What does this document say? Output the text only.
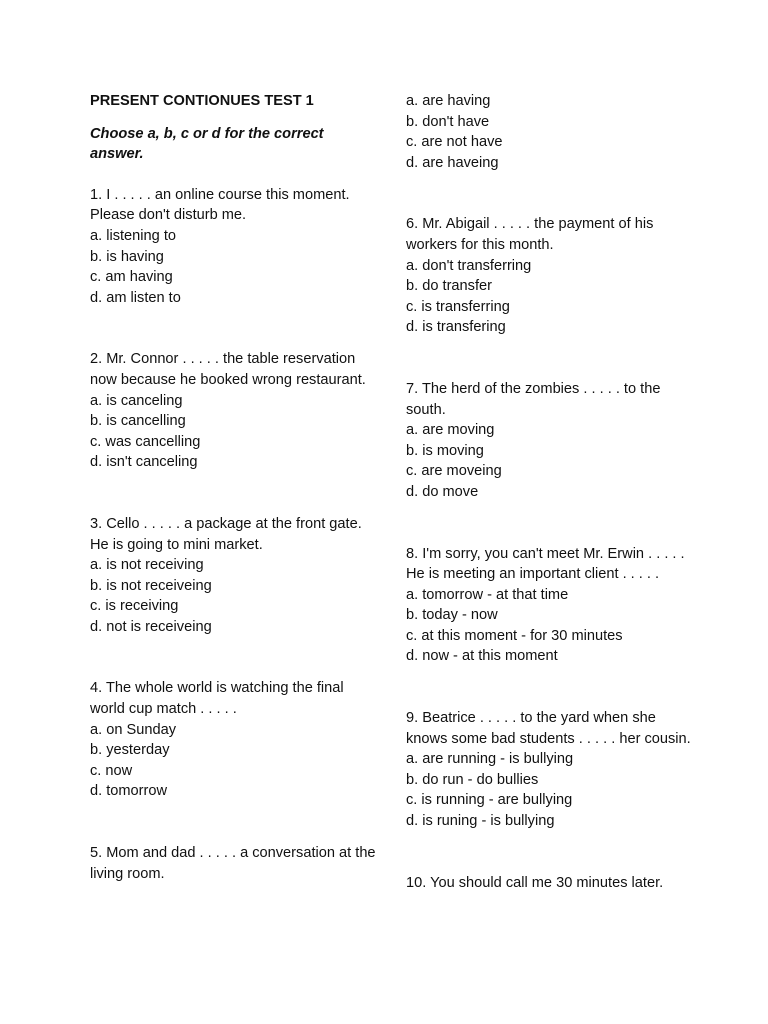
PRESENT CONTIONUES TEST 1

Choose a, b, c or d for the correct answer.

1. I . . . . . an online course this moment. Please don't disturb me.
a. listening to
b. is having
c. am having
d. am listen to
2. Mr. Connor . . . . . the table reservation now because he booked wrong restaurant.
a. is canceling
b. is cancelling
c. was cancelling
d. isn't canceling
3. Cello . . . . . a package at the front gate. He is going to mini market.
a. is not receiving
b. is not receiveing
c. is receiving
d. not is receiveing
4. The whole world is watching the final world cup match . . . . .
a. on Sunday
b. yesterday
c. now
d. tomorrow
5. Mom and dad . . . . . a conversation at the living room.
a. are having
b. don't have
c. are not have
d. are haveing
6. Mr. Abigail . . . . . the payment of his workers for this month.
a. don't transferring
b. do transfer
c. is transferring
d. is transfering
7. The herd of the zombies . . . . . to the south.
a. are moving
b. is moving
c. are moveing
d. do move
8. I'm sorry, you can't meet Mr. Erwin . . . . . He is meeting an important client . . . . .
a. tomorrow - at that time
b. today - now
c. at this moment - for 30 minutes
d. now - at this moment
9. Beatrice . . . . . to the yard when she knows some bad students . . . . . her cousin.
a. are running - is bullying
b. do run - do bullies
c. is running - are bullying
d. is runing - is bullying
10. You should call me 30 minutes later.
